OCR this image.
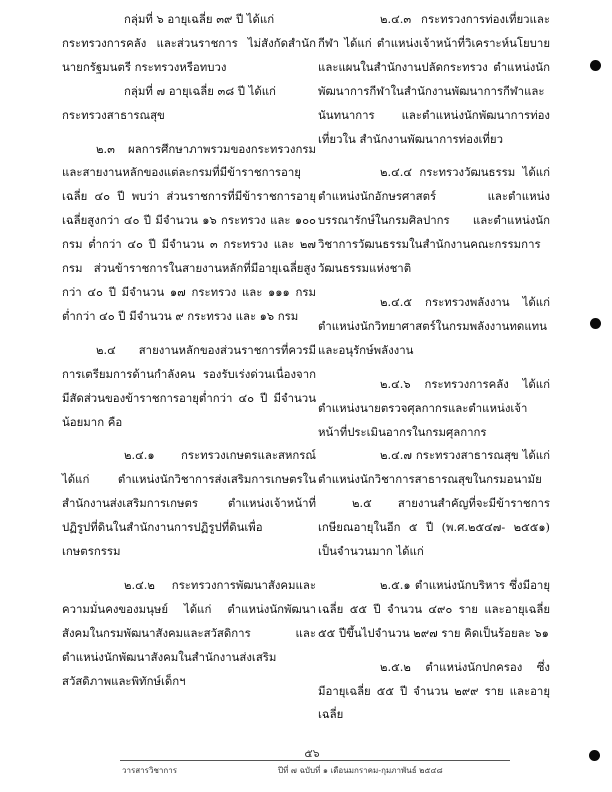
กลุ่มที่ ๖ อายุเฉลี่ย ๓๙ ปี ได้แก่

กระทรวงการคลัง และส่วนราชการ ไม่สังกัดสำนักนายกรัฐมนตรี กระทรวงหรือทบวง

กลุ่มที่ ๗ อายุเฉลี่ย ๓๘ ปี ได้แก่

กระทรวงสาธารณสุข

๒.๓ ผลการศึกษาภาพรวมของกระทรวงกรมและสายงานหลักของแต่ละกรมที่มีข้าราชการอายุเฉลี่ย ๔๐ ปี พบว่า ส่วนราชการที่มีข้าราชการอายุเฉลี่ยสูงกว่า ๔๐ ปี มีจำนวน ๑๖ กระทรวง และ ๑๐๐ กรม ต่ำกว่า ๔๐ ปี มีจำนวน ๓ กระทรวง และ ๒๗ กรม ส่วนข้าราชการในสายงานหลักที่มีอายุเฉลี่ยสูงกว่า ๔๐ ปี มีจำนวน ๑๗ กระทรวง และ ๑๑๑ กรม ต่ำกว่า ๔๐ ปี มีจำนวน ๙ กระทรวง และ ๑๖ กรม

๒.๔ สายงานหลักของส่วนราชการที่ควรมีการเตรียมการด้านกำลังคน รองรับเร่งด่วนเนื่องจากมีสัดส่วนของข้าราชการอายุต่ำกว่า ๔๐ ปี มีจำนวนน้อยมาก คือ

๒.๔.๑ กระทรวงเกษตรและสหกรณ์ ได้แก่ ตำแหน่งนักวิชาการส่งเสริมการเกษตรในสำนักงานส่งเสริมการเกษตร ตำแหน่งเจ้าหน้าที่ปฏิรูปที่ดินในสำนักงานการปฏิรูปที่ดินเพื่อเกษตรกรรม

๒.๔.๒ กระทรวงการพัฒนาสังคมและความมั่นคงของมนุษย์ ได้แก่ ตำแหน่งนักพัฒนาสังคมในกรมพัฒนาสังคมและสวัสดิการ และตำแหน่งนักพัฒนาสังคมในสำนักงานส่งเสริมสวัสดิภาพและพิทักษ์เด็กฯ

๒.๔.๓ กระทรวงการท่องเที่ยวและกีฬา ได้แก่ ตำแหน่งเจ้าหน้าที่วิเคราะห์นโยบายและแผนในสำนักงานปลัดกระทรวง ตำแหน่งนักพัฒนาการกีฬาในสำนักงานพัฒนาการกีฬาและนันทนาการ และตำแหน่งนักพัฒนาการท่องเที่ยวใน สำนักงานพัฒนาการท่องเที่ยว

๒.๔.๔ กระทรวงวัฒนธรรม ได้แก่ ตำแหน่งนักอักษรศาสตร์ และตำแหน่งบรรณารักษ์ในกรมศิลปากร และตำแหน่งนักวิชาการวัฒนธรรมในสำนักงานคณะกรรมการวัฒนธรรมแห่งชาติ

๒.๔.๕ กระทรวงพลังงาน ได้แก่ ตำแหน่งนักวิทยาศาสตร์ในกรมพลังงานทดแทนและอนุรักษ์พลังงาน

๒.๔.๖ กระทรวงการคลัง ได้แก่ ตำแหน่งนายตรวจศุลกากรและตำแหน่งเจ้าหน้าที่ประเมินอากรในกรมศุลกากร

๒.๔.๗ กระทรวงสาธารณสุข ได้แก่ ตำแหน่งนักวิชาการสาธารณสุขในกรมอนามัย

๒.๕ สายงานสำคัญที่จะมีข้าราชการเกษียณอายุในอีก ๕ ปี (พ.ศ.๒๕๔๗- ๒๕๕๑) เป็นจำนวนมาก ได้แก่

๒.๕.๑ ตำแหน่งนักบริหาร ซึ่งมีอายุเฉลี่ย ๕๕ ปี จำนวน ๔๙๐ ราย และอายุเฉลี่ย ๕๕ ปีขึ้นไปจำนวน ๒๙๗ ราย คิดเป็นร้อยละ ๖๑

๒.๕.๒ ตำแหน่งนักปกครอง ซึ่งมีอายุเฉลี่ย ๕๕ ปี จำนวน ๒๙๙ ราย และอายุเฉลี่ย

๕๖
วารสารวิชาการ	ปีที่ ๗ ฉบับที่ ๑ เดือนมกราคม-กุมภาพันธ์ ๒๕๔๘
